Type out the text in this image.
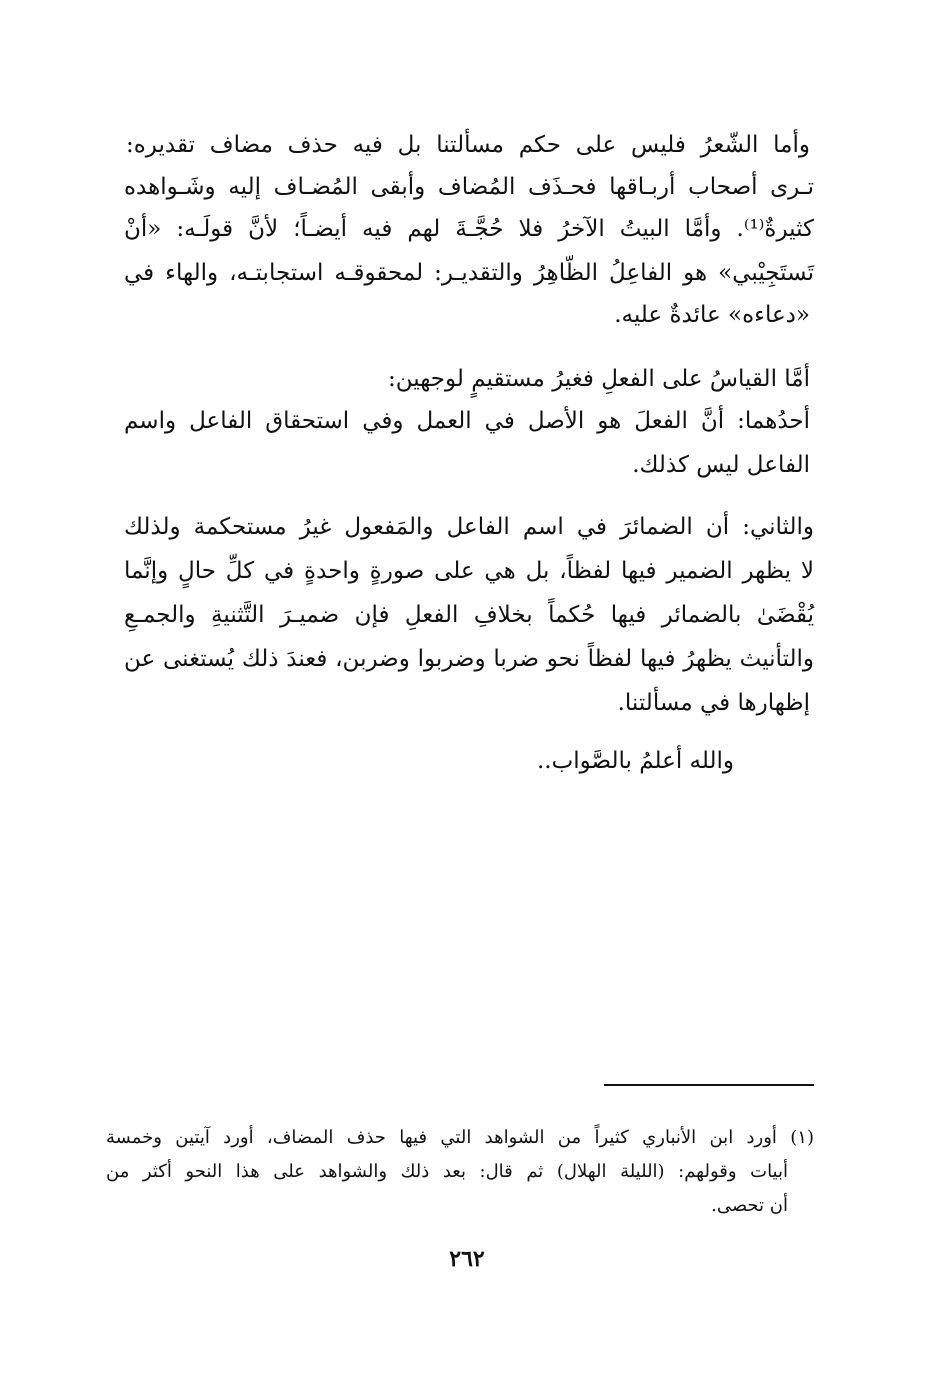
وأما الشّعرُ فليس على حكم مسألتنا بل فيه حذف مضاف تقديره:
تـرى أصحاب أربـاقها فحـذَف المُضاف وأبقى المُضـاف إليه وشَـواهده
كثيرةٌ⁽¹⁾. وأمَّا البيتُ الآخرُ فلا حُجَّـةَ لهم فيه أيضـاً؛ لأنَّ قولَـه: «أنْ
تَستَجِيْبي» هو الفاعِلُ الظّاهِرُ والتقديـر: لمحقوقـه استجابتـه، والهاء في
«دعاءه» عائدةٌ عليه.
أمَّا القياسُ على الفعلِ فغيرُ مستقيمٍ لوجهين:
أحدُهما: أنَّ الفعلَ هو الأصل في العمل وفي استحقاق الفاعل واسم
الفاعل ليس كذلك.
والثاني: أن الضمائرَ في اسم الفاعل والمَفعول غيرُ مستحكمة ولذلك
لا يظهر الضمير فيها لفظاً، بل هي على صورةٍ واحدةٍ في كلِّ حالٍ وإنَّما
يُقْضَىٰ بالضمائر فيها حُكماً بخلافِ الفعلِ فإن ضميـرَ التَّثنيةِ والجمـعِ
والتأنيث يظهرُ فيها لفظاً نحو ضربا وضربوا وضربن، فعندَ ذلك يُستغنى عن
إظهارها في مسألتنا.
والله أعلمُ بالصَّواب..
(١) أورد ابن الأنباري كثيراً من الشواهد التي فيها حذف المضاف، أورد آيتين وخمسة
أبيات وقولهم: (الليلة الهلال) ثم قال: بعد ذلك والشواهد على هذا النحو أكثر من
أن تحصى.
٢٦٢
